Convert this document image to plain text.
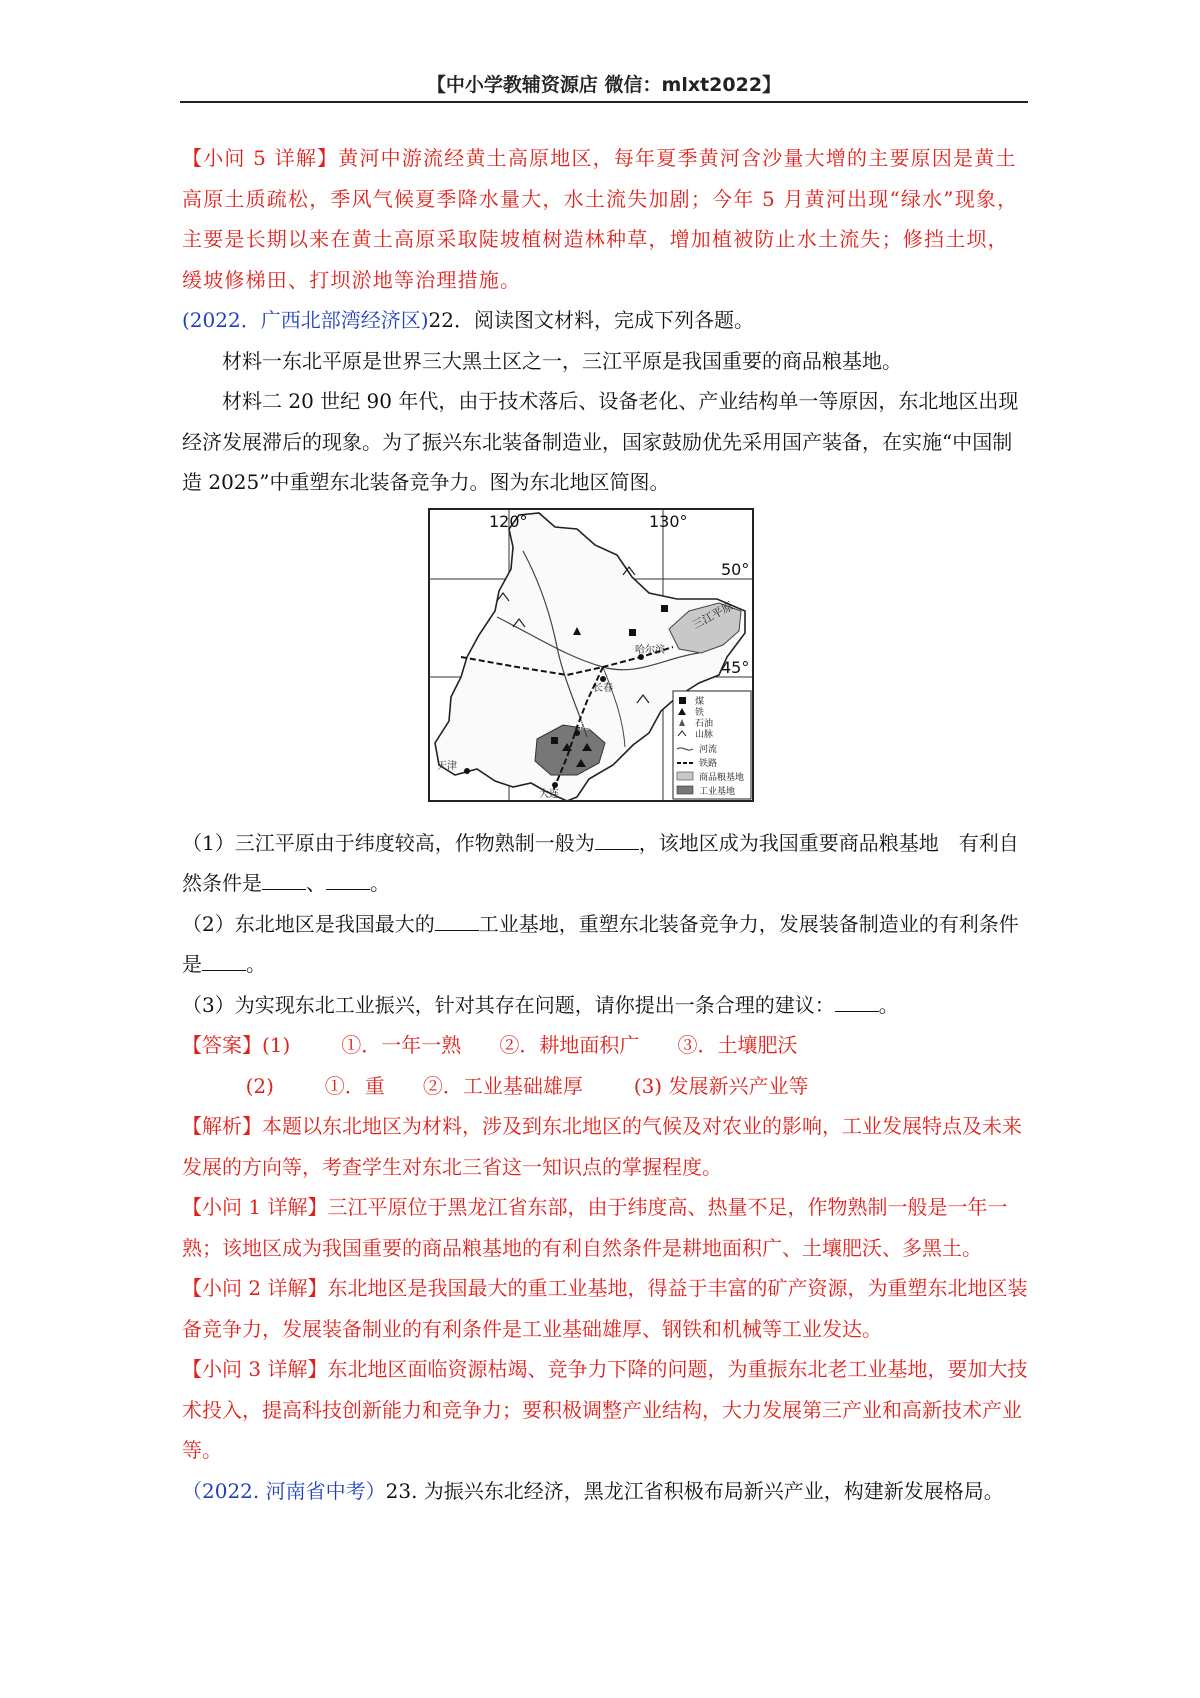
【中小学教辅资源店 微信：mlxt2022】

【小问 5 详解】黄河中游流经黄土高原地区，每年夏季黄河含沙量大增的主要原因是黄土高原土质疏松，季风气候夏季降水量大，水土流失加剧；今年 5 月黄河出现“绿水”现象，主要是长期以来在黄土高原采取陡坡植树造林种草，增加植被防止水土流失；修挡土坝，缓坡修梯田、打坝淤地等治理措施。

(2022．广西北部湾经济区)22．阅读图文材料，完成下列各题。

材料一东北平原是世界三大黑土区之一，三江平原是我国重要的商品粮基地。

材料二 20 世纪 90 年代，由于技术落后、设备老化、产业结构单一等原因，东北地区出现经济发展滞后的现象。为了振兴东北装备制造业，国家鼓励优先采用国产装备，在实施“中国制造 2025”中重塑东北装备竞争力。图为东北地区简图。

120°	130°
50°
45°
三江平原
哈尔滨
长春
沈阳
大连
天津
煤
铁
石油
山脉
河流
铁路
商品粮基地
工业基地

（1）三江平原由于纬度较高，作物熟制一般为 ，该地区成为我国重要商品粮基地　有利自然条件是 、 。

（2）东北地区是我国最大的 工业基地，重塑东北装备竞争力，发展装备制造业的有利条件是 。

（3）为实现东北工业振兴，针对其存在问题，请你提出一条合理的建议： 。

【答案】(1)        ①．一年一熟      ②．耕地面积广      ③．土壤肥沃

(2)        ①．重      ②．工业基础雄厚        (3) 发展新兴产业等

【解析】本题以东北地区为材料，涉及到东北地区的气候及对农业的影响，工业发展特点及未来发展的方向等，考查学生对东北三省这一知识点的掌握程度。

【小问 1 详解】三江平原位于黑龙江省东部，由于纬度高、热量不足，作物熟制一般是一年一熟；该地区成为我国重要的商品粮基地的有利自然条件是耕地面积广、土壤肥沃、多黑土。

【小问 2 详解】东北地区是我国最大的重工业基地，得益于丰富的矿产资源，为重塑东北地区装备竞争力，发展装备制业的有利条件是工业基础雄厚、钢铁和机械等工业发达。

【小问 3 详解】东北地区面临资源枯竭、竞争力下降的问题，为重振东北老工业基地，要加大技术投入，提高科技创新能力和竞争力；要积极调整产业结构，大力发展第三产业和高新技术产业等。

（2022. 河南省中考）23. 为振兴东北经济，黑龙江省积极布局新兴产业，构建新发展格局。
